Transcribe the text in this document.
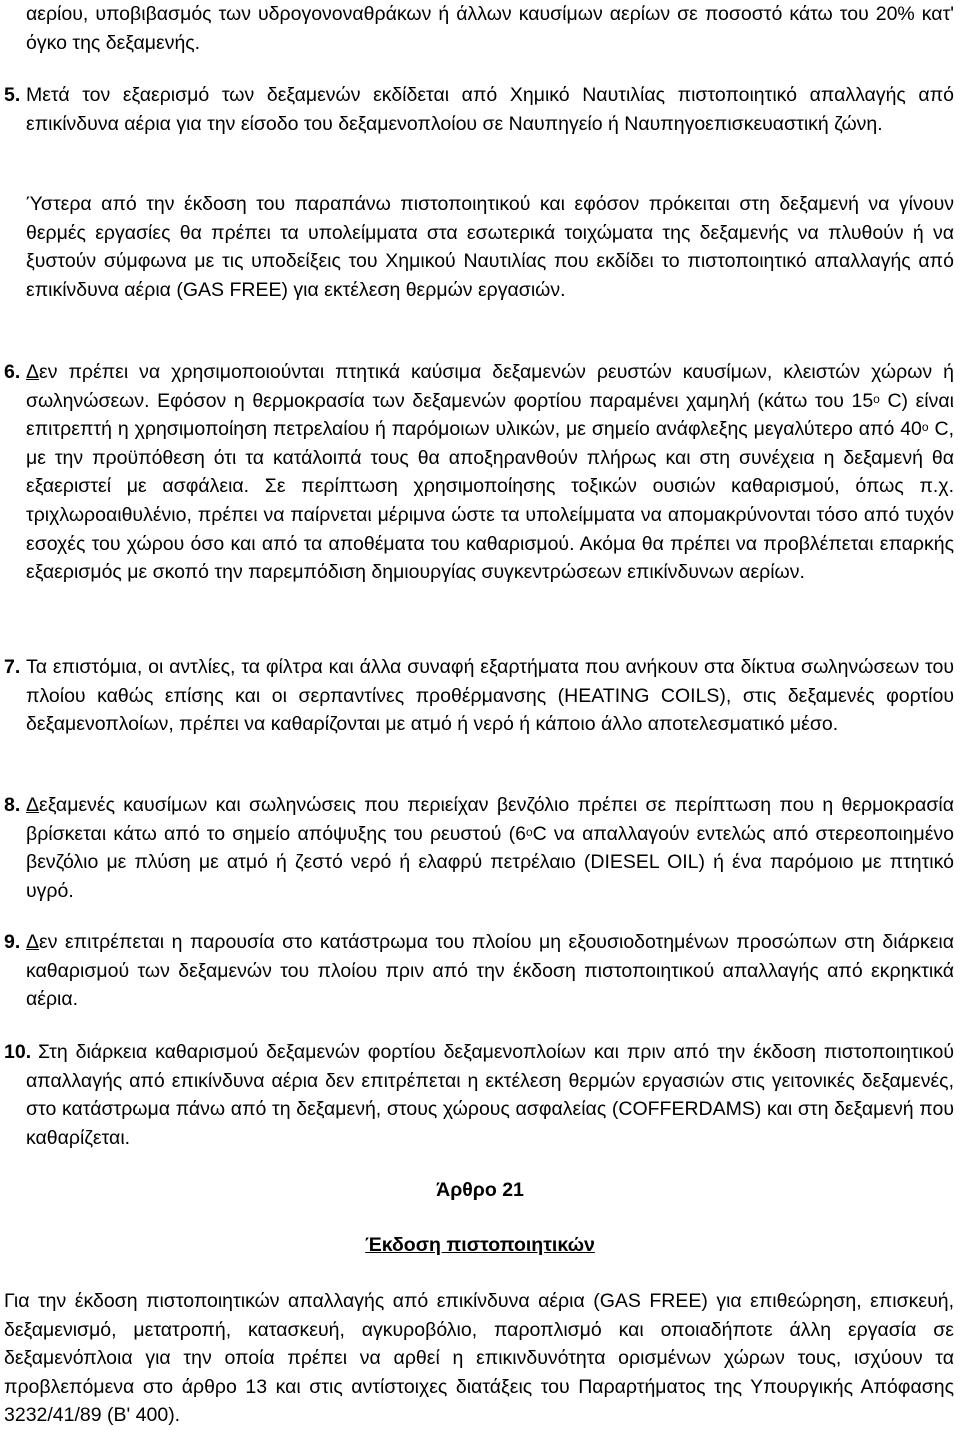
αερίου, υποβιβασμός των υδρογονοναθράκων ή άλλων καυσίμων αερίων σε ποσοστό κάτω του 20% κατ' όγκο της δεξαμενής.

5. Μετά τον εξαερισμό των δεξαμενών εκδίδεται από Χημικό Ναυτιλίας πιστοποιητικό απαλλαγής από επικίνδυνα αέρια για την είσοδο του δεξαμενοπλοίου σε Ναυπηγείο ή Ναυπηγοεπισκευαστική ζώνη.

Ύστερα από την έκδοση του παραπάνω πιστοποιητικού και εφόσον πρόκειται στη δεξαμενή να γίνουν θερμές εργασίες θα πρέπει τα υπολείμματα στα εσωτερικά τοιχώματα της δεξαμενής να πλυθούν ή να ξυστούν σύμφωνα με τις υποδείξεις του Χημικού Ναυτιλίας που εκδίδει το πιστοποιητικό απαλλαγής από επικίνδυνα αέρια (GAS FREE) για εκτέλεση θερμών εργασιών.

6. Δεν πρέπει να χρησιμοποιούνται πτητικά καύσιμα δεξαμενών ρευστών καυσίμων, κλειστών χώρων ή σωληνώσεων. Εφόσον η θερμοκρασία των δεξαμενών φορτίου παραμένει χαμηλή (κάτω του $15^o$ C) είναι επιτρεπτή η χρησιμοποίηση πετρελαίου ή παρόμοιων υλικών, με σημείο ανάφλεξης μεγαλύτερο από $40^o$ C, με την προϋπόθεση ότι τα κατάλοιπά τους θα αποξηρανθούν πλήρως και στη συνέχεια η δεξαμενή θα εξαεριστεί με ασφάλεια. Σε περίπτωση χρησιμοποίησης τοξικών ουσιών καθαρισμού, όπως π.χ. τριχλωροαιθυλένιο, πρέπει να παίρνεται μέριμνα ώστε τα υπολείμματα να απομακρύνονται τόσο από τυχόν εσοχές του χώρου όσο και από τα αποθέματα του καθαρισμού. Ακόμα θα πρέπει να προβλέπεται επαρκής εξαερισμός με σκοπό την παρεμπόδιση δημιουργίας συγκεντρώσεων επικίνδυνων αερίων.

7. Τα επιστόμια, οι αντλίες, τα φίλτρα και άλλα συναφή εξαρτήματα που ανήκουν στα δίκτυα σωληνώσεων του πλοίου καθώς επίσης και οι σερπαντίνες προθέρμανσης (HEATING COILS), στις δεξαμενές φορτίου δεξαμενοπλοίων, πρέπει να καθαρίζονται με ατμό ή νερό ή κάποιο άλλο αποτελεσματικό μέσο.

8. Δεξαμενές καυσίμων και σωληνώσεις που περιείχαν βενζόλιο πρέπει σε περίπτωση που η θερμοκρασία βρίσκεται κάτω από το σημείο απόψυξης του ρευστού ($6^oC$ να απαλλαγούν εντελώς από στερεοποιημένο βενζόλιο με πλύση με ατμό ή ζεστό νερό ή ελαφρύ πετρέλαιο (DIESEL OIL) ή ένα παρόμοιο με πτητικό υγρό.

9. Δεν επιτρέπεται η παρουσία στο κατάστρωμα του πλοίου μη εξουσιοδοτημένων προσώπων στη διάρκεια καθαρισμού των δεξαμενών του πλοίου πριν από την έκδοση πιστοποιητικού απαλλαγής από εκρηκτικά αέρια.

10. Στη διάρκεια καθαρισμού δεξαμενών φορτίου δεξαμενοπλοίων και πριν από την έκδοση πιστοποιητικού απαλλαγής από επικίνδυνα αέρια δεν επιτρέπεται η εκτέλεση θερμών εργασιών στις γειτονικές δεξαμενές, στο κατάστρωμα πάνω από τη δεξαμενή, στους χώρους ασφαλείας (COFFERDAMS) και στη δεξαμενή που καθαρίζεται.

Άρθρο 21

Έκδοση πιστοποιητικών

Για την έκδοση πιστοποιητικών απαλλαγής από επικίνδυνα αέρια (GAS FREE) για επιθεώρηση, επισκευή, δεξαμενισμό, μετατροπή, κατασκευή, αγκυροβόλιο, παροπλισμό και οποιαδήποτε άλλη εργασία σε δεξαμενόπλοια για την οποία πρέπει να αρθεί η επικινδυνότητα ορισμένων χώρων τους, ισχύουν τα προβλεπόμενα στο άρθρο 13 και στις αντίστοιχες διατάξεις του Παραρτήματος της Υπουργικής Απόφασης 3232/41/89 (Β' 400).
